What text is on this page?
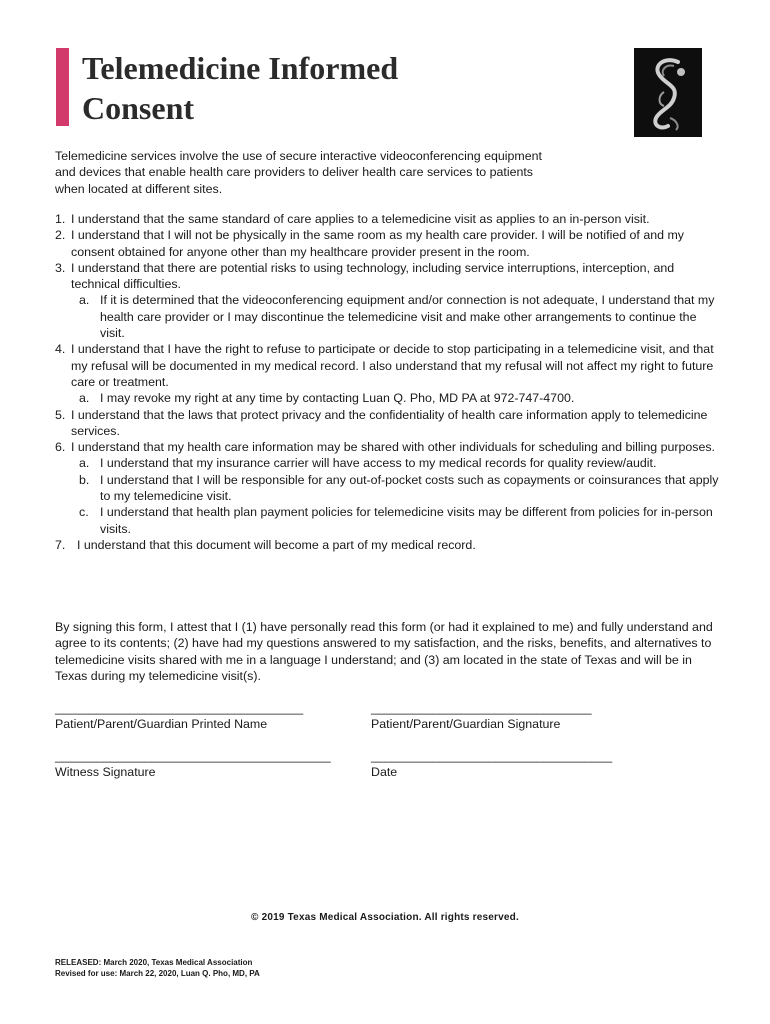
Telemedicine Informed
Consent

Telemedicine services involve the use of secure interactive videoconferencing equipment and devices that enable health care providers to deliver health care services to patients when located at different sites.

1. I understand that the same standard of care applies to a telemedicine visit as applies to an in-person visit.
2. I understand that I will not be physically in the same room as my health care provider. I will be notified of and my consent obtained for anyone other than my healthcare provider present in the room.
3. I understand that there are potential risks to using technology, including service interruptions, interception, and technical difficulties.
a. If it is determined that the videoconferencing equipment and/or connection is not adequate, I understand that my health care provider or I may discontinue the telemedicine visit and make other arrangements to continue the visit.
4. I understand that I have the right to refuse to participate or decide to stop participating in a telemedicine visit, and that my refusal will be documented in my medical record. I also understand that my refusal will not affect my right to future care or treatment.
a. I may revoke my right at any time by contacting Luan Q. Pho, MD PA at 972-747-4700.
5. I understand that the laws that protect privacy and the confidentiality of health care information apply to telemedicine services.
6. I understand that my health care information may be shared with other individuals for scheduling and billing purposes.
a. I understand that my insurance carrier will have access to my medical records for quality review/audit.
b. I understand that I will be responsible for any out-of-pocket costs such as copayments or coinsurances that apply to my telemedicine visit.
c. I understand that health plan payment policies for telemedicine visits may be different from policies for in-person visits.
7. I understand that this document will become a part of my medical record.

By signing this form, I attest that I (1) have personally read this form (or had it explained to me) and fully understand and agree to its contents; (2) have had my questions answered to my satisfaction, and the risks, benefits, and alternatives to telemedicine visits shared with me in a language I understand; and (3) am located in the state of Texas and will be in Texas during my telemedicine visit(s).

____________________________________
Patient/Parent/Guardian Printed Name
________________________________
Patient/Parent/Guardian Signature
________________________________________
Witness Signature
___________________________________
Date
© 2019 Texas Medical Association. All rights reserved.
RELEASED: March 2020, Texas Medical Association
Revised for use: March 22, 2020, Luan Q. Pho, MD, PA
